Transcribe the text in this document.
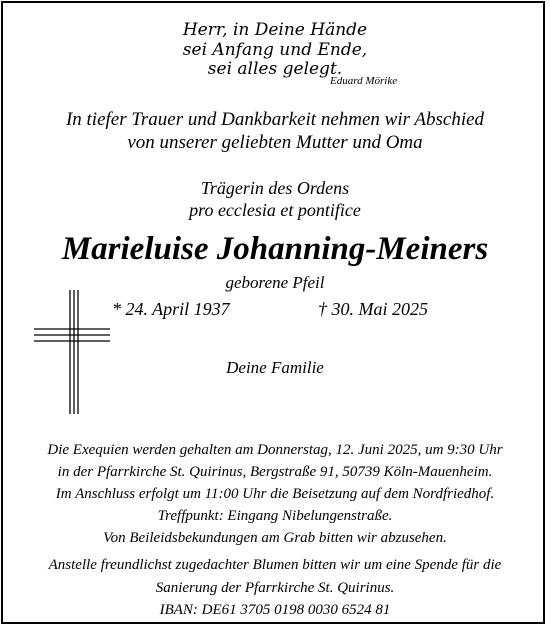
Herr, in Deine Hände
sei Anfang und Ende,
sei alles gelegt.
Eduard Mörike
In tiefer Trauer und Dankbarkeit nehmen wir Abschied
von unserer geliebten Mutter und Oma
Trägerin des Ordens
pro ecclesia et pontifice
Marieluise Johanning-Meiners
geborene Pfeil
* 24. April 1937	† 30. Mai 2025
Deine Familie
Die Exequien werden gehalten am Donnerstag, 12. Juni 2025, um 9:30 Uhr
in der Pfarrkirche St. Quirinus, Bergstraße 91, 50739 Köln-Mauenheim.
Im Anschluss erfolgt um 11:00 Uhr die Beisetzung auf dem Nordfriedhof.
Treffpunkt: Eingang Nibelungenstraße.
Von Beileidsbekundungen am Grab bitten wir abzusehen.
Anstelle freundlichst zugedachter Blumen bitten wir um eine Spende für die
Sanierung der Pfarrkirche St. Quirinus.
IBAN: DE61 3705 0198 0030 6524 81
